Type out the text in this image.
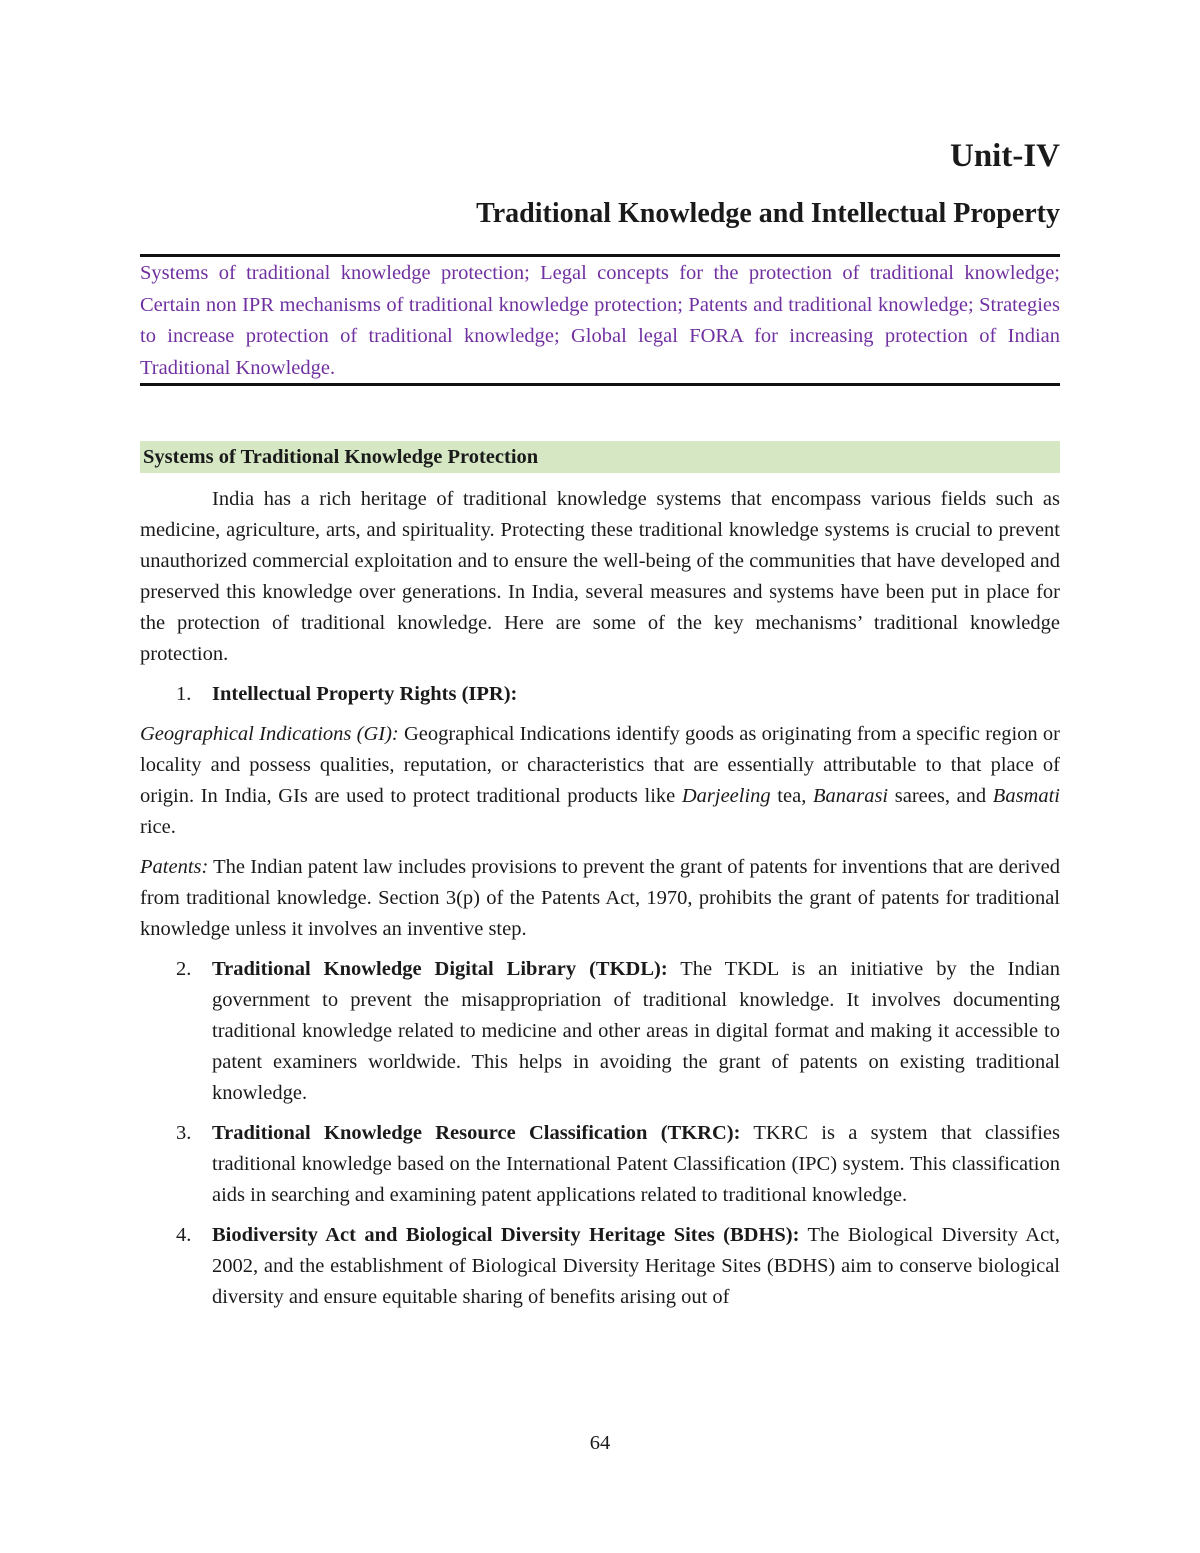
Unit-IV
Traditional Knowledge and Intellectual Property

Systems of traditional knowledge protection; Legal concepts for the protection of traditional knowledge; Certain non IPR mechanisms of traditional knowledge protection; Patents and traditional knowledge; Strategies to increase protection of traditional knowledge; Global legal FORA for increasing protection of Indian Traditional Knowledge.

Systems of Traditional Knowledge Protection

India has a rich heritage of traditional knowledge systems that encompass various fields such as medicine, agriculture, arts, and spirituality. Protecting these traditional knowledge systems is crucial to prevent unauthorized commercial exploitation and to ensure the well-being of the communities that have developed and preserved this knowledge over generations. In India, several measures and systems have been put in place for the protection of traditional knowledge. Here are some of the key mechanisms’ traditional knowledge protection.

1. Intellectual Property Rights (IPR):

Geographical Indications (GI): Geographical Indications identify goods as originating from a specific region or locality and possess qualities, reputation, or characteristics that are essentially attributable to that place of origin. In India, GIs are used to protect traditional products like Darjeeling tea, Banarasi sarees, and Basmati rice.

Patents: The Indian patent law includes provisions to prevent the grant of patents for inventions that are derived from traditional knowledge. Section 3(p) of the Patents Act, 1970, prohibits the grant of patents for traditional knowledge unless it involves an inventive step.

2. Traditional Knowledge Digital Library (TKDL): The TKDL is an initiative by the Indian government to prevent the misappropriation of traditional knowledge. It involves documenting traditional knowledge related to medicine and other areas in digital format and making it accessible to patent examiners worldwide. This helps in avoiding the grant of patents on existing traditional knowledge.
3. Traditional Knowledge Resource Classification (TKRC): TKRC is a system that classifies traditional knowledge based on the International Patent Classification (IPC) system. This classification aids in searching and examining patent applications related to traditional knowledge.
4. Biodiversity Act and Biological Diversity Heritage Sites (BDHS): The Biological Diversity Act, 2002, and the establishment of Biological Diversity Heritage Sites (BDHS) aim to conserve biological diversity and ensure equitable sharing of benefits arising out of
64
